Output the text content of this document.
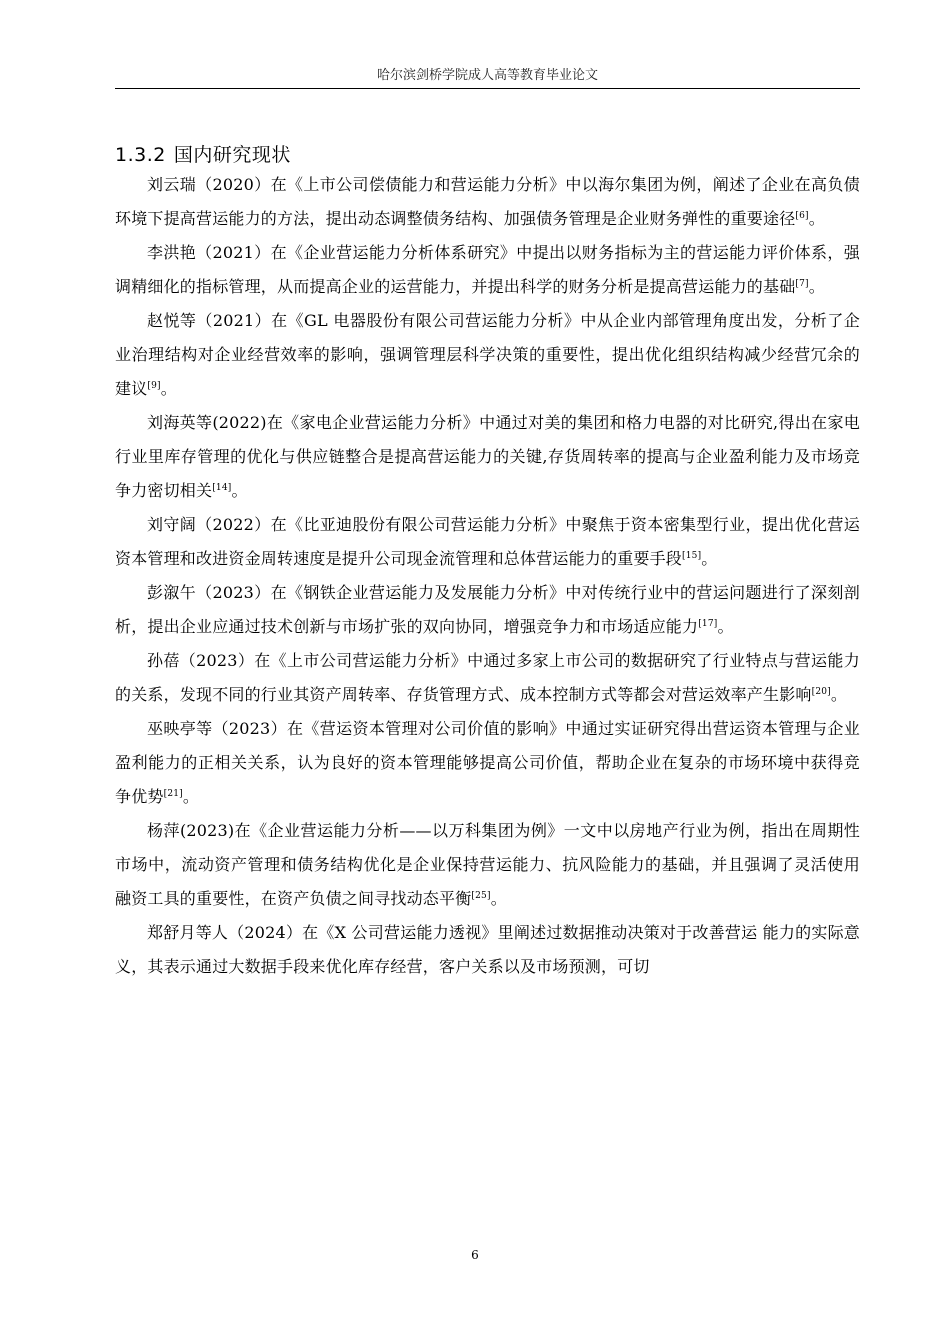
哈尔滨剑桥学院成人高等教育毕业论文
1.3.2 国内研究现状

刘云瑞（2020）在《上市公司偿债能力和营运能力分析》中以海尔集团为例，阐述了企业在高负债环境下提高营运能力的方法，提出动态调整债务结构、加强债务管理是企业财务弹性的重要途径[6]。

李洪艳（2021）在《企业营运能力分析体系研究》中提出以财务指标为主的营运能力评价体系，强调精细化的指标管理，从而提高企业的运营能力，并提出科学的财务分析是提高营运能力的基础[7]。

赵悦等（2021）在《GL 电器股份有限公司营运能力分析》中从企业内部管理角度出发，分析了企业治理结构对企业经营效率的影响，强调管理层科学决策的重要性，提出优化组织结构减少经营冗余的建议[9]。

刘海英等(2022)在《家电企业营运能力分析》中通过对美的集团和格力电器的对比研究,得出在家电行业里库存管理的优化与供应链整合是提高营运能力的关键,存货周转率的提高与企业盈利能力及市场竞争力密切相关[14]。

刘守阔（2022）在《比亚迪股份有限公司营运能力分析》中聚焦于资本密集型行业，提出优化营运资本管理和改进资金周转速度是提升公司现金流管理和总体营运能力的重要手段[15]。

彭溆午（2023）在《钢铁企业营运能力及发展能力分析》中对传统行业中的营运问题进行了深刻剖析，提出企业应通过技术创新与市场扩张的双向协同，增强竞争力和市场适应能力[17]。

孙蓓（2023）在《上市公司营运能力分析》中通过多家上市公司的数据研究了行业特点与营运能力的关系，发现不同的行业其资产周转率、存货管理方式、成本控制方式等都会对营运效率产生影响[20]。

巫映亭等（2023）在《营运资本管理对公司价值的影响》中通过实证研究得出营运资本管理与企业盈利能力的正相关关系，认为良好的资本管理能够提高公司价值，帮助企业在复杂的市场环境中获得竞争优势[21]。

杨萍(2023)在《企业营运能力分析——以万科集团为例》一文中以房地产行业为例，指出在周期性市场中，流动资产管理和债务结构优化是企业保持营运能力、抗风险能力的基础，并且强调了灵活使用融资工具的重要性，在资产负债之间寻找动态平衡[25]。

郑舒月等人（2024）在《X 公司营运能力透视》里阐述过数据推动决策对于改善营运 能力的实际意义，其表示通过大数据手段来优化库存经营，客户关系以及市场预测，可切

6
